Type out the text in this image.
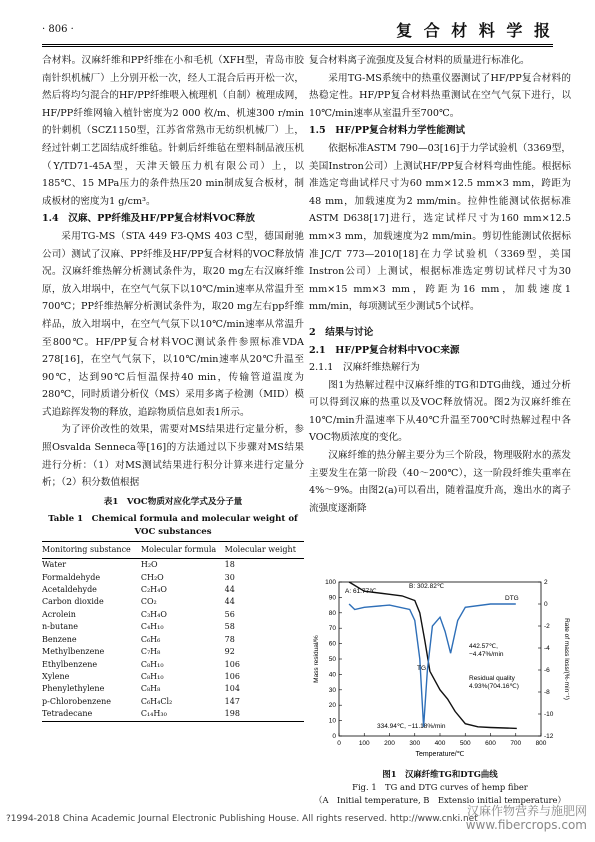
· 806 ·	复 合 材 料 学 报

合材料。汉麻纤维和PP纤维在小和毛机（XFH型，青岛市胶南针织机械厂）上分别开松一次，经人工混合后再开松一次，然后将均匀混合的HF/PP纤维喂入梳理机（自制）梳理成网，HF/PP纤维网输入植针密度为2 000 枚/m、机速300 r/min的针刺机（SCZ1150型，江苏省常熟市无纺织机械厂）上，经过针刺工艺固结成纤维毡。针刺后纤维毡在塑料制品液压机（Y/TD71-45A型，天津天锻压力机有限公司）上，以185℃、15 MPa压力的条件热压20 min制成复合板材，制成板材的密度为1 g/cm³。

1.4　汉麻、PP纤维及HF/PP复合材料VOC释放

采用TG-MS（STA 449 F3-QMS 403 C型，德国耐驰公司）测试了汉麻、PP纤维及HF/PP复合材料的VOC释放情况。汉麻纤维热解分析测试条件为，取20 mg左右汉麻纤维原，放入坩埚中，在空气气氛下以10℃/min速率从常温升至700℃；PP纤维热解分析测试条件为，取20 mg左右pp纤维样品，放入坩埚中，在空气气氛下以10℃/min速率从常温升至800℃。HF/PP复合材料VOC测试条件参照标准VDA 278[16]，在空气气氛下，以10℃/min速率从20℃升温至90℃，达到90℃后恒温保持40 min，传输管道温度为280℃，同时质谱分析仪（MS）采用多离子检测（MID）模式追踪挥发物的释放，追踪物质信息如表1所示。

为了评价改性的效果，需要对MS结果进行定量分析，参照Osvalda Senneca等[16]的方法通过以下步骤对MS结果进行分析：（1）对MS测试结果进行积分计算来进行定量分析；（2）积分数值根据

表1　VOC物质对应化学式及分子量
Table 1　Chemical formula and molecular weight of VOC substances
Monitoring substance	Molecular formula	Molecular weight
Water	H₂O	18
Formaldehyde	CH₂O	30
Acetaldehyde	C₂H₄O	44
Carbon dioxide	CO₂	44
Acrolein	C₃H₄O	56
n-butane	C₄H₁₀	58
Benzene	C₆H₆	78
Methylbenzene	C₇H₈	92
Ethylbenzene	C₈H₁₀	106
Xylene	C₈H₁₀	106
Phenylethylene	C₈H₈	104
p-Chlorobenzene	C₆H₄Cl₂	147
Tetradecane	C₁₄H₃₀	198

复合材料离子流强度及复合材料的质量进行标准化。

采用TG-MS系统中的热重仪器测试了HF/PP复合材料的热稳定性。HF/PP复合材料热重测试在空气气氛下进行，以10℃/min速率从室温升至700℃。

1.5　HF/PP复合材料力学性能测试

依据标准ASTM 790—03[16]于力学试验机（3369型，美国Instron公司）上测试HF/PP复合材料弯曲性能。根据标准选定弯曲试样尺寸为60 mm×12.5 mm×3 mm，跨距为48 mm，加载速度为2 mm/min。拉伸性能测试依据标准ASTM D638[17]进行，选定试样尺寸为160 mm×12.5 mm×3 mm，加载速度为2 mm/min。剪切性能测试依据标准JC/T 773—2010[18]在力学试验机（3369型，美国Instron公司）上测试，根据标准选定剪切试样尺寸为30 mm×15 mm×3 mm，跨距为16 mm，加载速度1 mm/min，每项测试至少测试5个试样。

2　结果与讨论

2.1　HF/PP复合材料中VOC来源

2.1.1　汉麻纤维热解行为

图1为热解过程中汉麻纤维的TG和DTG曲线，通过分析可以得到汉麻的热重以及VOC释放情况。图2为汉麻纤维在10℃/min升温速率下从40℃升温至700℃时热解过程中各VOC物质浓度的变化。

汉麻纤维的热分解主要分为三个阶段，物理吸附水的蒸发主要发生在第一阶段（40～200℃），这一阶段纤维失重率在4%～9%。由图2(a)可以看出，随着温度升高，逸出水的离子流强度逐渐降

0	100 200 300 400 500 600 700 800
0
10
20
30
40
50
60
70
80
90
100	2
0
-2
-4
-6
-8
-10
-12
Temperature/℃
Mass residual/%	Rate of mass loss/(%·min⁻¹)
A: 61.77℃
B: 302.82℃
DTG
TG
442.57℃,
−4.47%/min
Residual quality
4.93%(704.16℃)
334.94℃, −11.18%/min
图1　汉麻纤维TG和DTG曲线
Fig. 1　TG and DTG curves of hemp fiber
（A　Initial temperature, B　Extensio initial temperature）
?1994-2018 China Academic Journal Electronic Publishing House. All rights reserved. http://www.cnki.net
汉麻作物营养与施肥网
www.fibercrops.com
